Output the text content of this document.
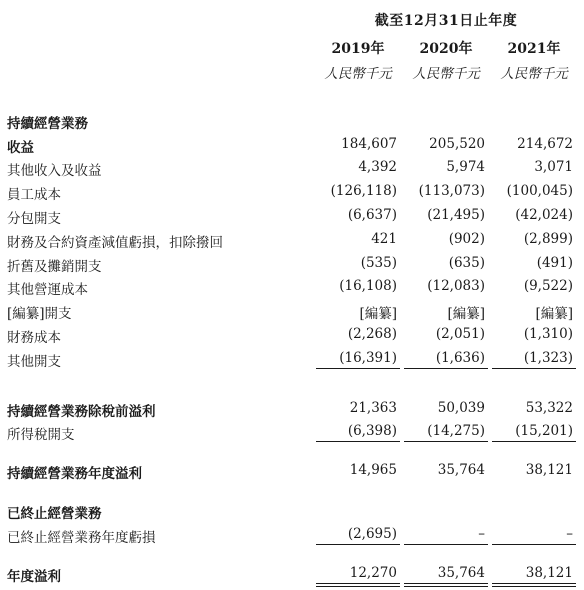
截至12月31日止年度
2019年	2020年	2021年
人民幣千元	人民幣千元	人民幣千元
持續經營業務
收益	184,607	205,520	214,672
其他收入及收益	4,392	5,974	3,071
員工成本	(126,118)	(113,073)	(100,045)
分包開支	(6,637)	(21,495)	(42,024)
財務及合約資產減值虧損，扣除撥回	421	(902)	(2,899)
折舊及攤銷開支	(535)	(635)	(491)
其他營運成本	(16,108)	(12,083)	(9,522)
[編纂]開支	[編纂]	[編纂]	[編纂]
財務成本	(2,268)	(2,051)	(1,310)
其他開支	(16,391)	(1,636)	(1,323)
持續經營業務除稅前溢利	21,363	50,039	53,322
所得稅開支	(6,398)	(14,275)	(15,201)
持續經營業務年度溢利	14,965	35,764	38,121
已終止經營業務
已終止經營業務年度虧損	(2,695)	–	–
年度溢利	12,270	35,764	38,121
